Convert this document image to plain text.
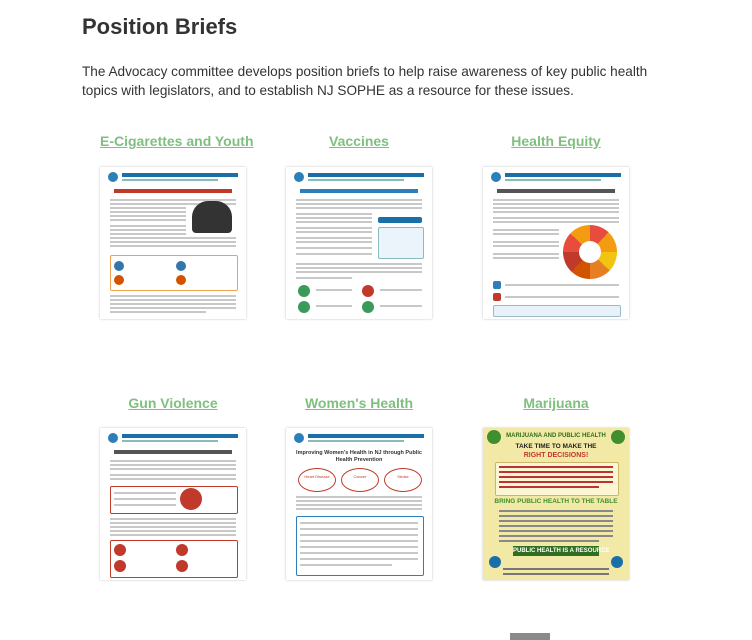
Position Briefs

The Advocacy committee develops position briefs to help raise awareness of key public health topics with legislators, and to establish NJ SOPHE as a resource for these issues.

E-Cigarettes and Youth	Vaccines	Health Equity
Gun Violence	Women's Health
Improving Women's Health in NJ through Public Health Prevention
Heart Disease	Cancer	Stroke
Marijuana
MARIJUANA AND PUBLIC HEALTH
TAKE TIME TO MAKE THE
RIGHT DECISIONS!
BRING PUBLIC HEALTH TO THE TABLE
PUBLIC HEALTH IS A RESOURCE
